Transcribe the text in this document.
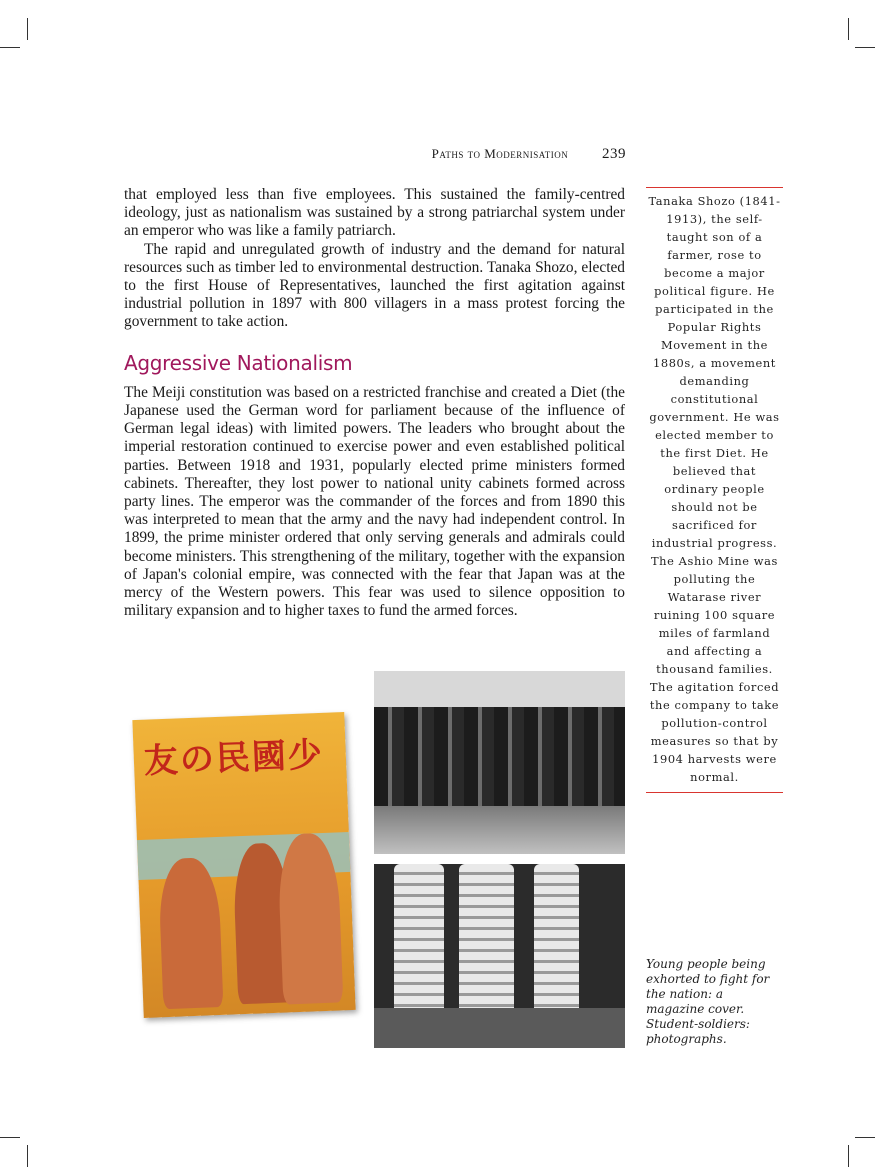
Paths to Modernisation 239

that employed less than five employees. This sustained the family-centred ideology, just as nationalism was sustained by a strong patriarchal system under an emperor who was like a family patriarch.

The rapid and unregulated growth of industry and the demand for natural resources such as timber led to environmental destruction. Tanaka Shozo, elected to the first House of Representatives, launched the first agitation against industrial pollution in 1897 with 800 villagers in a mass protest forcing the government to take action.

Aggressive Nationalism

The Meiji constitution was based on a restricted franchise and created a Diet (the Japanese used the German word for parliament because of the influence of German legal ideas) with limited powers. The leaders who brought about the imperial restoration continued to exercise power and even established political parties. Between 1918 and 1931, popularly elected prime ministers formed cabinets. Thereafter, they lost power to national unity cabinets formed across party lines. The emperor was the commander of the forces and from 1890 this was interpreted to mean that the army and the navy had independent control. In 1899, the prime minister ordered that only serving generals and admirals could become ministers. This strengthening of the military, together with the expansion of Japan's colonial empire, was connected with the fear that Japan was at the mercy of the Western powers. This fear was used to silence opposition to military expansion and to higher taxes to fund the armed forces.

Tanaka Shozo (1841-1913), the self-taught son of a farmer, rose to become a major political figure. He participated in the Popular Rights Movement in the 1880s, a movement demanding constitutional government. He was elected member to the first Diet. He believed that ordinary people should not be sacrificed for industrial progress. The Ashio Mine was polluting the Watarase river ruining 100 square miles of farmland and affecting a thousand families. The agitation forced the company to take pollution-control measures so that by 1904 harvests were normal.
友の民國少
Young people being exhorted to fight for the nation: a magazine cover. Student-soldiers: photographs.
